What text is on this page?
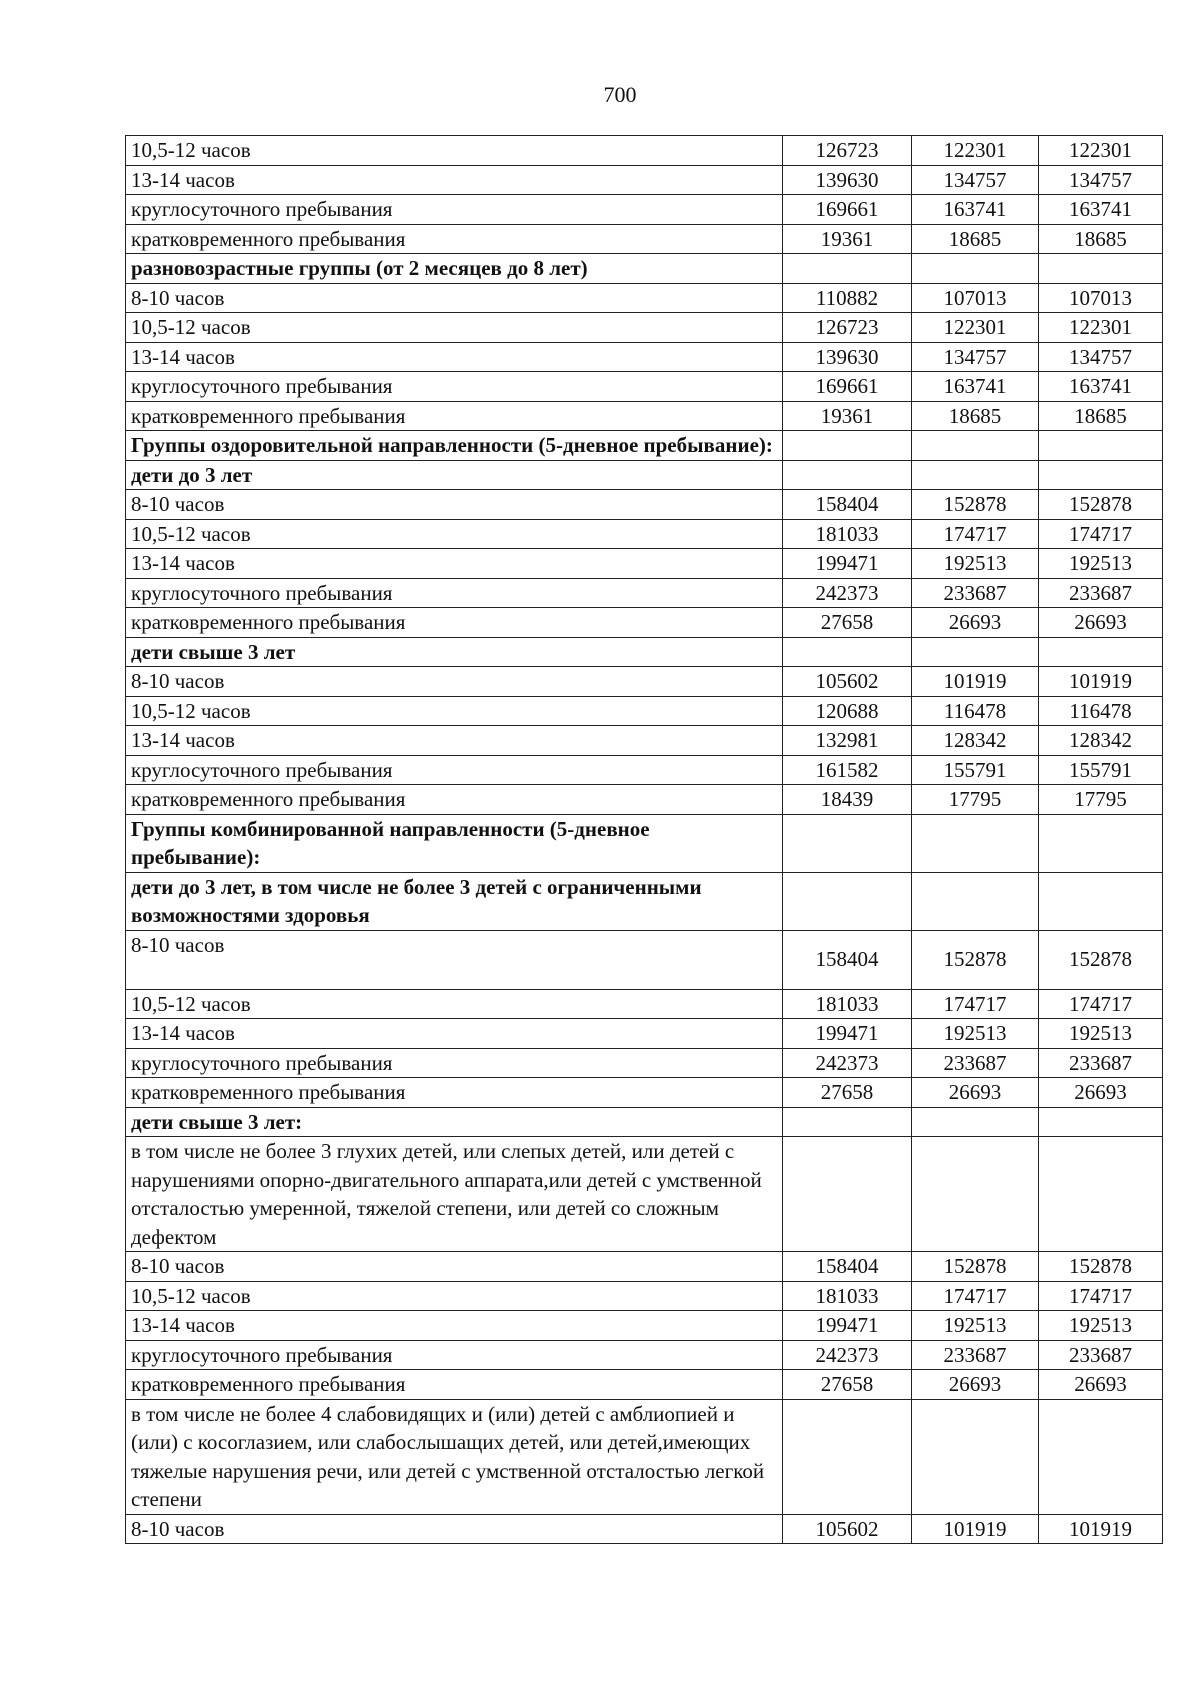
700
10,5-12 часов	126723	122301	122301
13-14 часов	139630	134757	134757
круглосуточного пребывания	169661	163741	163741
кратковременного пребывания	19361	18685	18685
разновозрастные группы (от 2 месяцев до 8 лет)			
8-10 часов	110882	107013	107013
10,5-12 часов	126723	122301	122301
13-14 часов	139630	134757	134757
круглосуточного пребывания	169661	163741	163741
кратковременного пребывания	19361	18685	18685
Группы оздоровительной направленности (5-дневное пребывание):			
дети до 3 лет			
8-10 часов	158404	152878	152878
10,5-12 часов	181033	174717	174717
13-14 часов	199471	192513	192513
круглосуточного пребывания	242373	233687	233687
кратковременного пребывания	27658	26693	26693
дети свыше 3 лет			
8-10 часов	105602	101919	101919
10,5-12 часов	120688	116478	116478
13-14 часов	132981	128342	128342
круглосуточного пребывания	161582	155791	155791
кратковременного пребывания	18439	17795	17795
Группы комбинированной направленности (5-дневное пребывание):			
дети до 3 лет, в том числе не более 3 детей с ограниченными возможностями здоровья			
8-10 часов	158404	152878	152878
10,5-12 часов	181033	174717	174717
13-14 часов	199471	192513	192513
круглосуточного пребывания	242373	233687	233687
кратковременного пребывания	27658	26693	26693
дети свыше 3 лет:			
в том числе не более 3 глухих детей, или слепых детей, или детей с нарушениями опорно-двигательного аппарата,или детей с умственной отсталостью умеренной, тяжелой степени, или детей со сложным дефектом			
8-10 часов	158404	152878	152878
10,5-12 часов	181033	174717	174717
13-14 часов	199471	192513	192513
круглосуточного пребывания	242373	233687	233687
кратковременного пребывания	27658	26693	26693
в том числе не более 4 слабовидящих и (или) детей с амблиопией и (или) с косоглазием, или слабослышащих детей, или детей,имеющих тяжелые нарушения речи, или детей с умственной отсталостью легкой степени			
8-10 часов	105602	101919	101919
